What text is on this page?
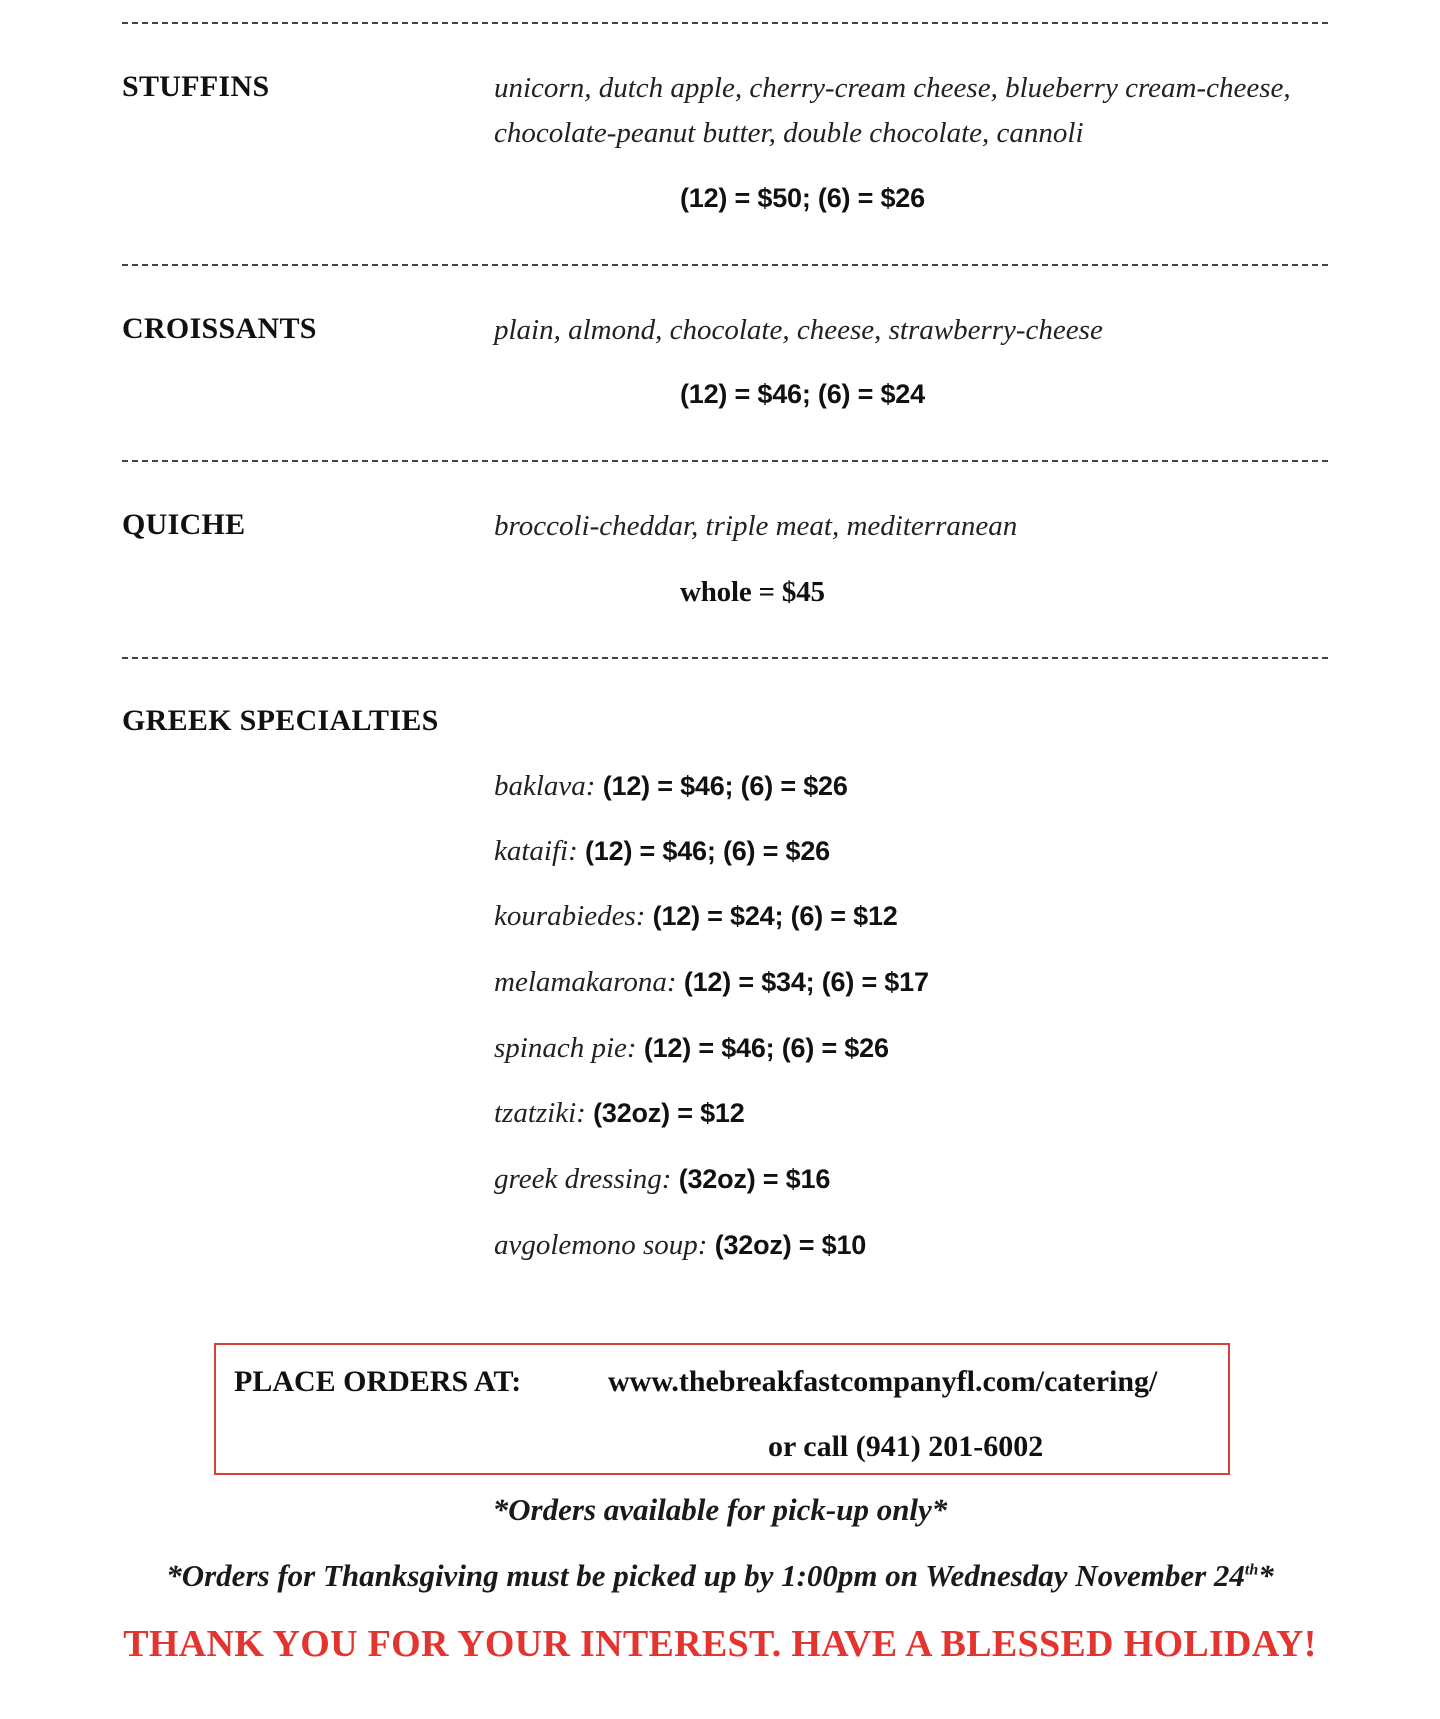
STUFFINS	unicorn, dutch apple, cherry-cream cheese, blueberry cream-cheese,
chocolate-peanut butter, double chocolate, cannoli
(12) = $50; (6) = $26
CROISSANTS	plain, almond, chocolate, cheese, strawberry-cheese
(12) = $46; (6) = $24
QUICHE	broccoli-cheddar, triple meat, mediterranean
whole = $45
GREEK SPECIALTIES
baklava: (12) = $46; (6) = $26
kataifi: (12) = $46; (6) = $26
kourabiedes: (12) = $24; (6) = $12
melamakarona: (12) = $34; (6) = $17
spinach pie: (12) = $46; (6) = $26
tzatziki: (32oz) = $12
greek dressing: (32oz) = $16
avgolemono soup: (32oz) = $10
PLACE ORDERS AT:	www.thebreakfastcompanyfl.com/catering/
or call (941) 201-6002
*Orders available for pick-up only*
*Orders for Thanksgiving must be picked up by 1:00pm on Wednesday November 24th*
THANK YOU FOR YOUR INTEREST. HAVE A BLESSED HOLIDAY!
